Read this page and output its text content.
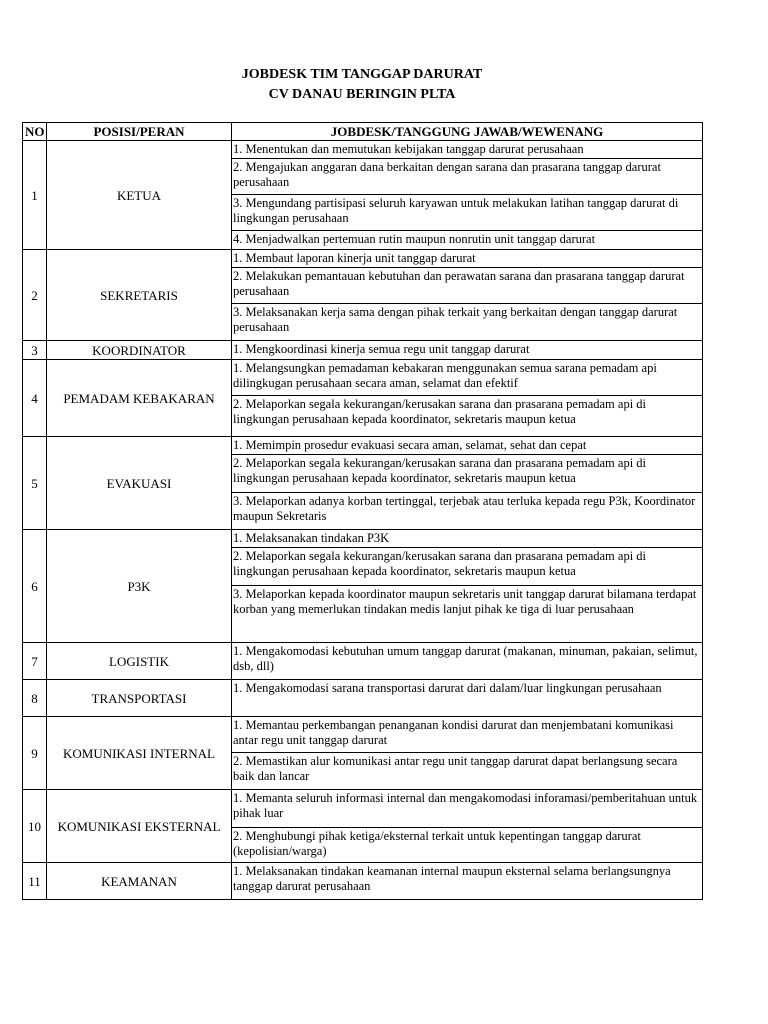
JOBDESK TIM TANGGAP DARURAT
CV DANAU BERINGIN PLTA
NO	POSISI/PERAN	JOBDESK/TANGGUNG JAWAB/WEWENANG
1	KETUA	1. Menentukan dan memutukan kebijakan tanggap darurat perusahaan
2. Mengajukan anggaran dana berkaitan dengan sarana dan prasarana tanggap darurat perusahaan
3. Mengundang partisipasi seluruh karyawan untuk melakukan latihan tanggap darurat di lingkungan perusahaan
4. Menjadwalkan pertemuan rutin maupun nonrutin unit tanggap darurat

2	SEKRETARIS	1. Membaut laporan kinerja unit tanggap darurat
2. Melakukan pemantauan kebutuhan dan perawatan sarana dan prasarana tanggap darurat perusahaan
3. Melaksanakan kerja sama dengan pihak terkait yang berkaitan dengan tanggap darurat perusahaan

3	KOORDINATOR	1. Mengkoordinasi kinerja semua regu unit tanggap darurat

4	PEMADAM KEBAKARAN	1. Melangsungkan pemadaman kebakaran menggunakan semua sarana pemadam api dilingkugan perusahaan secara aman, selamat dan efektif
2. Melaporkan segala kekurangan/kerusakan sarana dan prasarana pemadam api di lingkungan perusahaan kepada koordinator, sekretaris maupun ketua

5	EVAKUASI	1. Memimpin prosedur evakuasi secara aman, selamat, sehat dan cepat
2. Melaporkan segala kekurangan/kerusakan sarana dan prasarana pemadam api di lingkungan perusahaan kepada koordinator, sekretaris maupun ketua
3. Melaporkan adanya korban tertinggal, terjebak atau terluka kepada regu P3k, Koordinator maupun Sekretaris

6	P3K	1. Melaksanakan tindakan P3K
2. Melaporkan segala kekurangan/kerusakan sarana dan prasarana pemadam api di lingkungan perusahaan kepada koordinator, sekretaris maupun ketua
3. Melaporkan kepada koordinator maupun sekretaris unit tanggap darurat bilamana terdapat korban yang memerlukan tindakan medis lanjut pihak ke tiga di luar perusahaan

7	LOGISTIK	1. Mengakomodasi kebutuhan umum tanggap darurat (makanan, minuman, pakaian, selimut, dsb, dll)

8	TRANSPORTASI	1. Mengakomodasi sarana transportasi darurat dari dalam/luar lingkungan perusahaan

9	KOMUNIKASI INTERNAL	1. Memantau perkembangan penanganan kondisi darurat dan menjembatani komunikasi antar regu unit tanggap darurat
2. Memastikan alur komunikasi antar regu unit tanggap darurat dapat berlangsung secara baik dan lancar

10	KOMUNIKASI EKSTERNAL	1. Memanta seluruh informasi internal dan mengakomodasi inforamasi/pemberitahuan untuk pihak luar
2. Menghubungi pihak ketiga/eksternal terkait untuk kepentingan tanggap darurat (kepolisian/warga)

11	KEAMANAN	1. Melaksanakan tindakan keamanan internal maupun eksternal selama berlangsungnya tanggap darurat perusahaan
